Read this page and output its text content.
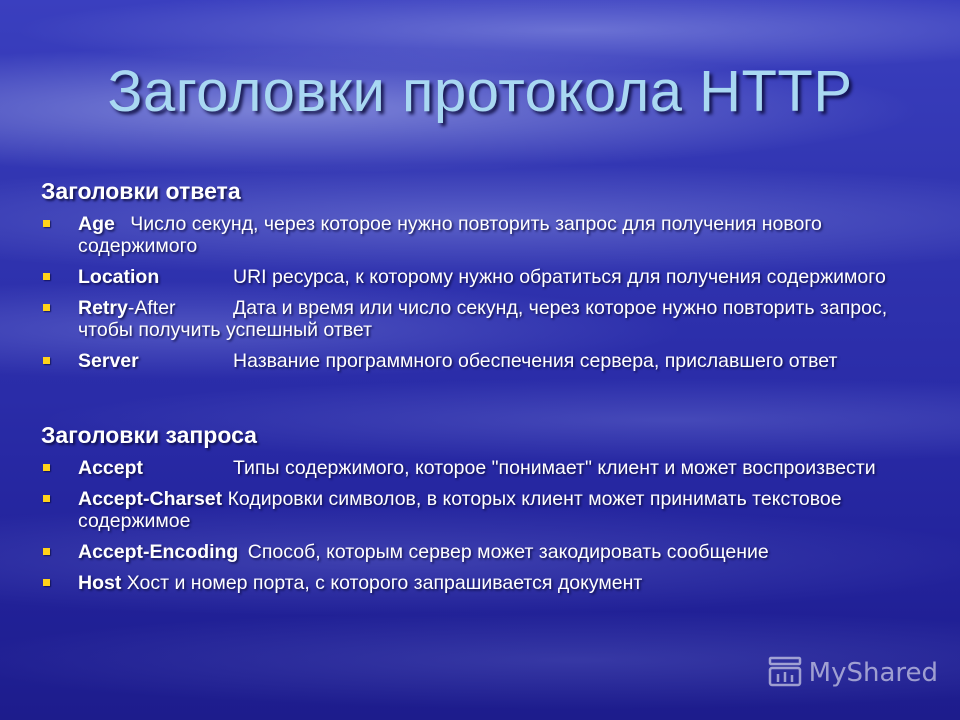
Заголовки протокола HTTP
Заголовки ответа
Age Число секунд, через которое нужно повторить запрос для получения нового содержимого
Location	URI ресурса, к которому нужно обратиться для получения содержимого
Retry-After	Дата и время или число секунд, через которое нужно повторить запрос, чтобы получить успешный ответ
Server	Название программного обеспечения сервера, приславшего ответ
Заголовки запроса
Accept	Типы содержимого, которое "понимает" клиент и может воспроизвести
Accept-Charset Кодировки символов, в которых клиент может принимать текстовое содержимое
Accept-Encoding Способ, которым сервер может закодировать сообщение
Host Хост и номер порта, с которого запрашивается документ
MyShared
